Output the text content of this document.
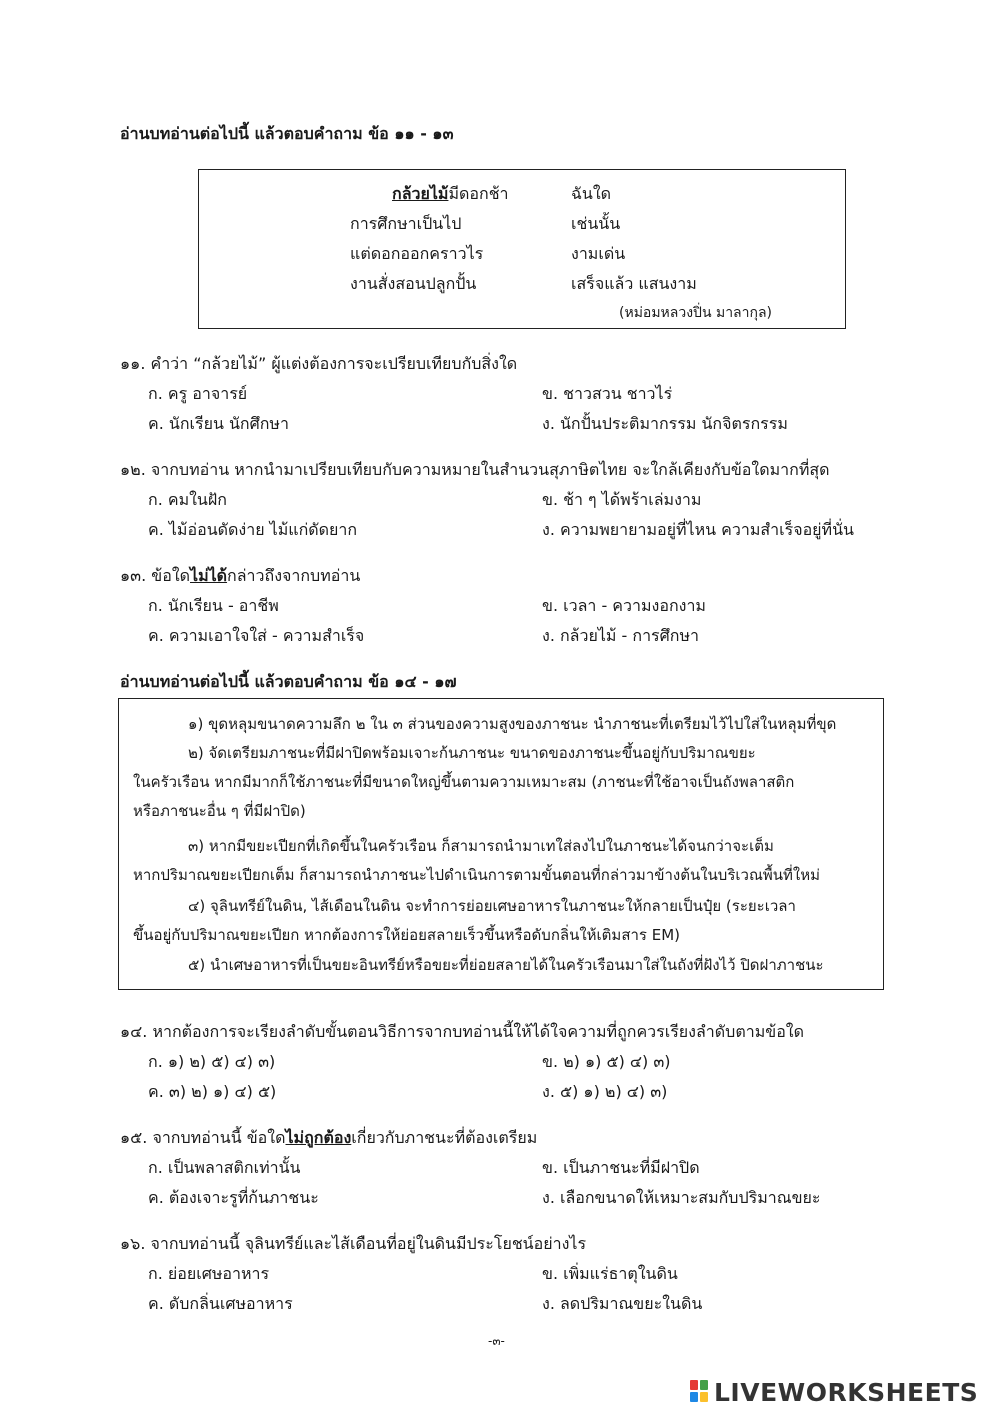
อ่านบทอ่านต่อไปนี้ แล้วตอบคำถาม ข้อ ๑๑ - ๑๓
กล้วยไม้มีดอกช้า	ฉันใด
การศึกษาเป็นไป	เช่นนั้น
แต่ดอกออกคราวไร	งามเด่น
งานสั่งสอนปลูกปั้น	เสร็จแล้ว แสนงาม
(หม่อมหลวงปิ่น มาลากุล)
๑๑. คำว่า “กล้วยไม้” ผู้แต่งต้องการจะเปรียบเทียบกับสิ่งใด
ก. ครู อาจารย์	ข. ชาวสวน ชาวไร่
ค. นักเรียน นักศึกษา	ง. นักปั้นประติมากรรม นักจิตรกรรม
๑๒. จากบทอ่าน หากนำมาเปรียบเทียบกับความหมายในสำนวนสุภาษิตไทย จะใกล้เคียงกับข้อใดมากที่สุด
ก. คมในฝัก	ข. ช้า ๆ ได้พร้าเล่มงาม
ค. ไม้อ่อนดัดง่าย ไม้แก่ดัดยาก	ง. ความพยายามอยู่ที่ไหน ความสำเร็จอยู่ที่นั่น
๑๓. ข้อใดไม่ได้กล่าวถึงจากบทอ่าน
ก. นักเรียน - อาชีพ	ข. เวลา - ความงอกงาม
ค. ความเอาใจใส่ - ความสำเร็จ	ง. กล้วยไม้ - การศึกษา
อ่านบทอ่านต่อไปนี้ แล้วตอบคำถาม ข้อ ๑๔ - ๑๗
๑) ขุดหลุมขนาดความลึก ๒ ใน ๓ ส่วนของความสูงของภาชนะ นำภาชนะที่เตรียมไว้ไปใส่ในหลุมที่ขุด
๒) จัดเตรียมภาชนะที่มีฝาปิดพร้อมเจาะก้นภาชนะ ขนาดของภาชนะขึ้นอยู่กับปริมาณขยะ
ในครัวเรือน หากมีมากก็ใช้ภาชนะที่มีขนาดใหญ่ขึ้นตามความเหมาะสม (ภาชนะที่ใช้อาจเป็นถังพลาสติก
หรือภาชนะอื่น ๆ ที่มีฝาปิด)
๓) หากมีขยะเปียกที่เกิดขึ้นในครัวเรือน ก็สามารถนำมาเทใส่ลงไปในภาชนะได้จนกว่าจะเต็ม
หากปริมาณขยะเปียกเต็ม ก็สามารถนำภาชนะไปดำเนินการตามขั้นตอนที่กล่าวมาข้างต้นในบริเวณพื้นที่ใหม่
๔) จุลินทรีย์ในดิน, ไส้เดือนในดิน จะทำการย่อยเศษอาหารในภาชนะให้กลายเป็นปุ๋ย (ระยะเวลา
ขึ้นอยู่กับปริมาณขยะเปียก หากต้องการให้ย่อยสลายเร็วขึ้นหรือดับกลิ่นให้เติมสาร EM)
๕) นำเศษอาหารที่เป็นขยะอินทรีย์หรือขยะที่ย่อยสลายได้ในครัวเรือนมาใส่ในถังที่ฝังไว้ ปิดฝาภาชนะ
๑๔. หากต้องการจะเรียงลำดับขั้นตอนวิธีการจากบทอ่านนี้ให้ได้ใจความที่ถูกควรเรียงลำดับตามข้อใด
ก. ๑) ๒) ๕) ๔) ๓)	ข. ๒) ๑) ๕) ๔) ๓)
ค. ๓) ๒) ๑) ๔) ๕)	ง. ๕) ๑) ๒) ๔) ๓)
๑๕. จากบทอ่านนี้ ข้อใดไม่ถูกต้องเกี่ยวกับภาชนะที่ต้องเตรียม
ก. เป็นพลาสติกเท่านั้น	ข. เป็นภาชนะที่มีฝาปิด
ค. ต้องเจาะรูที่ก้นภาชนะ	ง. เลือกขนาดให้เหมาะสมกับปริมาณขยะ
๑๖. จากบทอ่านนี้ จุลินทรีย์และไส้เดือนที่อยู่ในดินมีประโยชน์อย่างไร
ก. ย่อยเศษอาหาร	ข. เพิ่มแร่ธาตุในดิน
ค. ดับกลิ่นเศษอาหาร	ง. ลดปริมาณขยะในดิน
-๓-
LIVEWORKSHEETS
